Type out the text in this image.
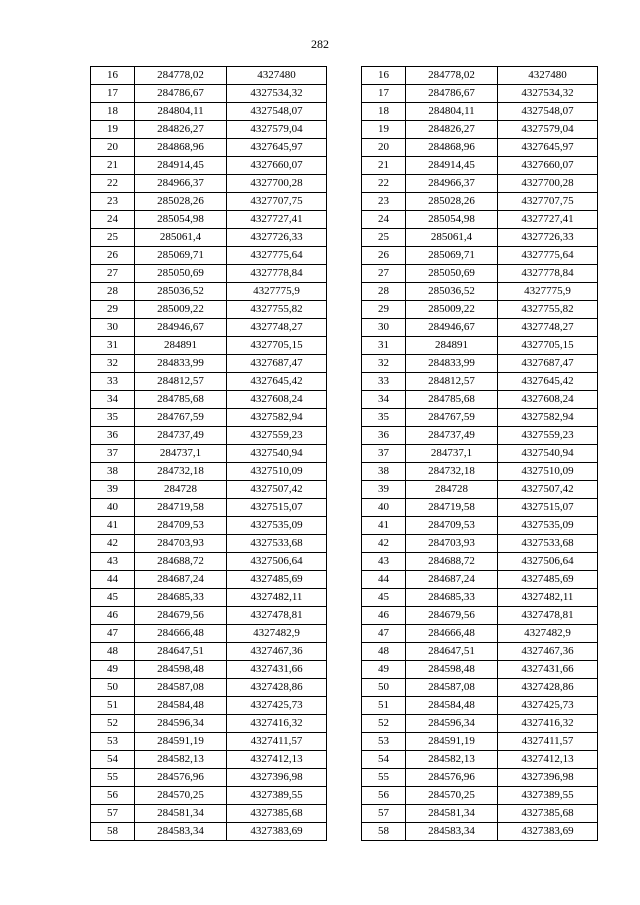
282
16	284778,02	4327480
17	284786,67	4327534,32
18	284804,11	4327548,07
19	284826,27	4327579,04
20	284868,96	4327645,97
21	284914,45	4327660,07
22	284966,37	4327700,28
23	285028,26	4327707,75
24	285054,98	4327727,41
25	285061,4	4327726,33
26	285069,71	4327775,64
27	285050,69	4327778,84
28	285036,52	4327775,9
29	285009,22	4327755,82
30	284946,67	4327748,27
31	284891	4327705,15
32	284833,99	4327687,47
33	284812,57	4327645,42
34	284785,68	4327608,24
35	284767,59	4327582,94
36	284737,49	4327559,23
37	284737,1	4327540,94
38	284732,18	4327510,09
39	284728	4327507,42
40	284719,58	4327515,07
41	284709,53	4327535,09
42	284703,93	4327533,68
43	284688,72	4327506,64
44	284687,24	4327485,69
45	284685,33	4327482,11
46	284679,56	4327478,81
47	284666,48	4327482,9
48	284647,51	4327467,36
49	284598,48	4327431,66
50	284587,08	4327428,86
51	284584,48	4327425,73
52	284596,34	4327416,32
53	284591,19	4327411,57
54	284582,13	4327412,13
55	284576,96	4327396,98
56	284570,25	4327389,55
57	284581,34	4327385,68
58	284583,34	4327383,69
16	284778,02	4327480
17	284786,67	4327534,32
18	284804,11	4327548,07
19	284826,27	4327579,04
20	284868,96	4327645,97
21	284914,45	4327660,07
22	284966,37	4327700,28
23	285028,26	4327707,75
24	285054,98	4327727,41
25	285061,4	4327726,33
26	285069,71	4327775,64
27	285050,69	4327778,84
28	285036,52	4327775,9
29	285009,22	4327755,82
30	284946,67	4327748,27
31	284891	4327705,15
32	284833,99	4327687,47
33	284812,57	4327645,42
34	284785,68	4327608,24
35	284767,59	4327582,94
36	284737,49	4327559,23
37	284737,1	4327540,94
38	284732,18	4327510,09
39	284728	4327507,42
40	284719,58	4327515,07
41	284709,53	4327535,09
42	284703,93	4327533,68
43	284688,72	4327506,64
44	284687,24	4327485,69
45	284685,33	4327482,11
46	284679,56	4327478,81
47	284666,48	4327482,9
48	284647,51	4327467,36
49	284598,48	4327431,66
50	284587,08	4327428,86
51	284584,48	4327425,73
52	284596,34	4327416,32
53	284591,19	4327411,57
54	284582,13	4327412,13
55	284576,96	4327396,98
56	284570,25	4327389,55
57	284581,34	4327385,68
58	284583,34	4327383,69
